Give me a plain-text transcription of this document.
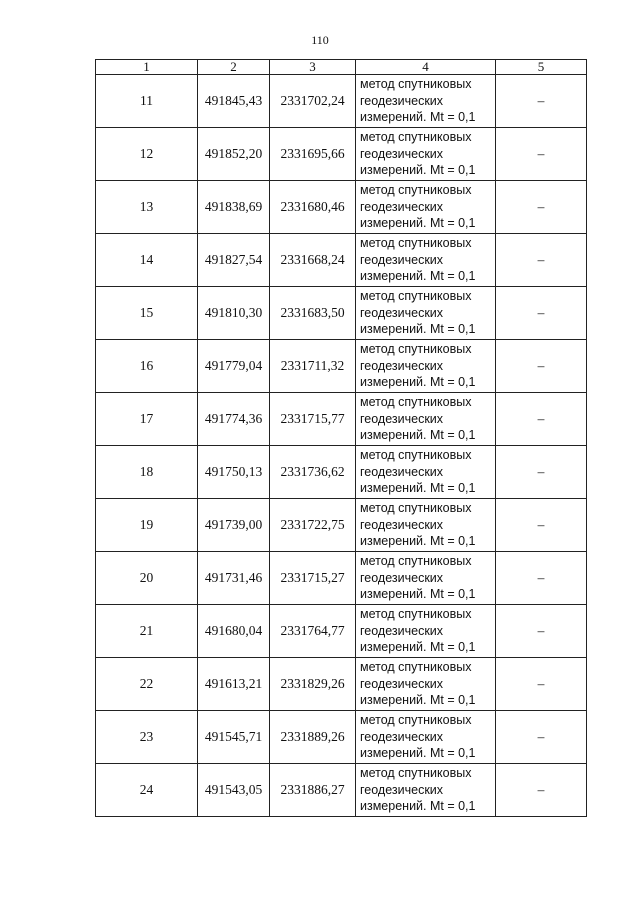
110
1	2	3	4	5
11	491845,43	2331702,24	метод спутниковых
геодезических
измерений. Mt = 0,1	–
12	491852,20	2331695,66	метод спутниковых
геодезических
измерений. Mt = 0,1	–
13	491838,69	2331680,46	метод спутниковых
геодезических
измерений. Mt = 0,1	–
14	491827,54	2331668,24	метод спутниковых
геодезических
измерений. Mt = 0,1	–
15	491810,30	2331683,50	метод спутниковых
геодезических
измерений. Mt = 0,1	–
16	491779,04	2331711,32	метод спутниковых
геодезических
измерений. Mt = 0,1	–
17	491774,36	2331715,77	метод спутниковых
геодезических
измерений. Mt = 0,1	–
18	491750,13	2331736,62	метод спутниковых
геодезических
измерений. Mt = 0,1	–
19	491739,00	2331722,75	метод спутниковых
геодезических
измерений. Mt = 0,1	–
20	491731,46	2331715,27	метод спутниковых
геодезических
измерений. Mt = 0,1	–
21	491680,04	2331764,77	метод спутниковых
геодезических
измерений. Mt = 0,1	–
22	491613,21	2331829,26	метод спутниковых
геодезических
измерений. Mt = 0,1	–
23	491545,71	2331889,26	метод спутниковых
геодезических
измерений. Mt = 0,1	–
24	491543,05	2331886,27	метод спутниковых
геодезических
измерений. Mt = 0,1	–
